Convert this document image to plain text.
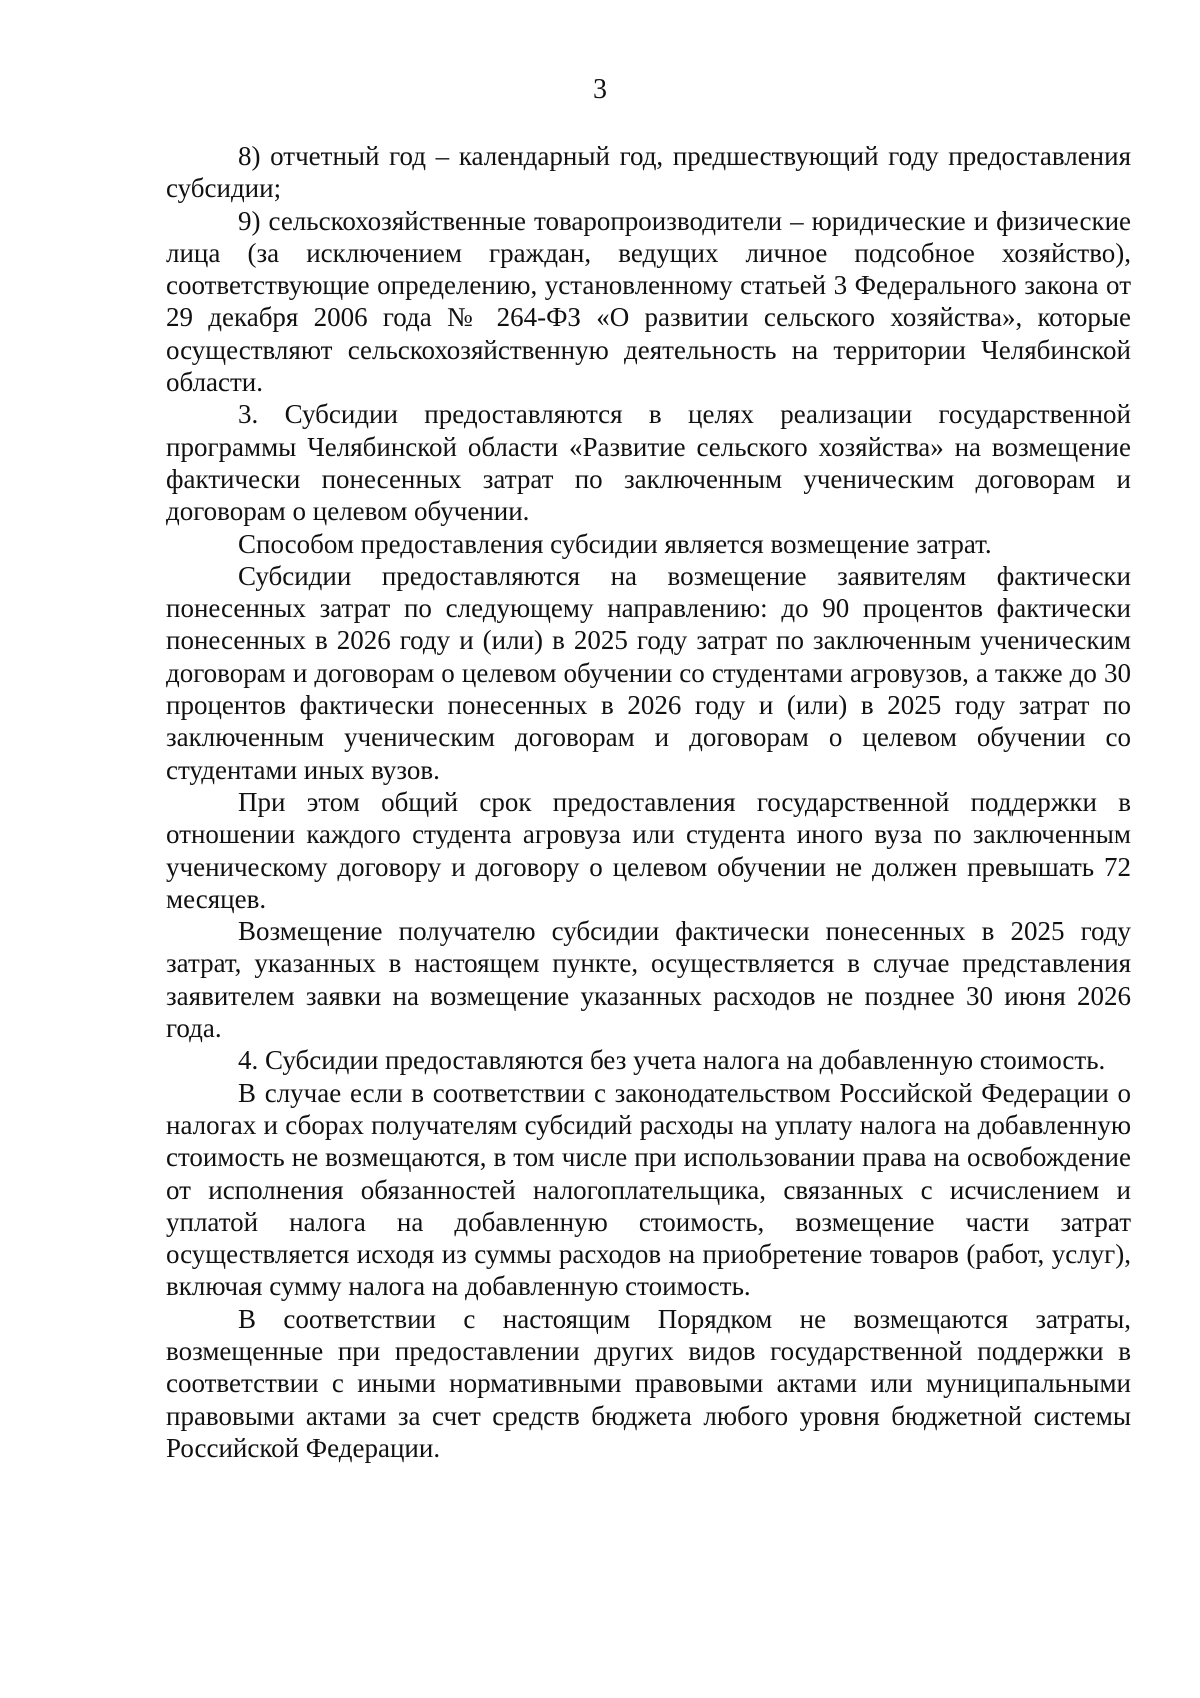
3

8) отчетный год – календарный год, предшествующий году предоставления субсидии;

9) сельскохозяйственные товаропроизводители – юридические и физические лица (за исключением граждан, ведущих личное подсобное хозяйство), соответствующие определению, установленному статьей 3 Федерального закона от 29 декабря 2006 года № 264-ФЗ «О развитии сельского хозяйства», которые осуществляют сельскохозяйственную деятельность на территории Челябинской области.

3. Субсидии предоставляются в целях реализации государственной программы Челябинской области «Развитие сельского хозяйства» на возмещение фактически понесенных затрат по заключенным ученическим договорам и договорам о целевом обучении.

Способом предоставления субсидии является возмещение затрат.

Субсидии предоставляются на возмещение заявителям фактически понесенных затрат по следующему направлению: до 90 процентов фактически понесенных в 2026 году и (или) в 2025 году затрат по заключенным ученическим договорам и договорам о целевом обучении со студентами агровузов, а также до 30 процентов фактически понесенных в 2026 году и (или) в 2025 году затрат по заключенным ученическим договорам и договорам о целевом обучении со студентами иных вузов.

При этом общий срок предоставления государственной поддержки в отношении каждого студента агровуза или студента иного вуза по заключенным ученическому договору и договору о целевом обучении не должен превышать 72 месяцев.

Возмещение получателю субсидии фактически понесенных в 2025 году затрат, указанных в настоящем пункте, осуществляется в случае представления заявителем заявки на возмещение указанных расходов не позднее 30 июня 2026 года.

4. Субсидии предоставляются без учета налога на добавленную стоимость.

В случае если в соответствии с законодательством Российской Федерации о налогах и сборах получателям субсидий расходы на уплату налога на добавленную стоимость не возмещаются, в том числе при использовании права на освобождение от исполнения обязанностей налогоплательщика, связанных с исчислением и уплатой налога на добавленную стоимость, возмещение части затрат осуществляется исходя из суммы расходов на приобретение товаров (работ, услуг), включая сумму налога на добавленную стоимость.

В соответствии с настоящим Порядком не возмещаются затраты, возмещенные при предоставлении других видов государственной поддержки в соответствии с иными нормативными правовыми актами или муниципальными правовыми актами за счет средств бюджета любого уровня бюджетной системы Российской Федерации.
